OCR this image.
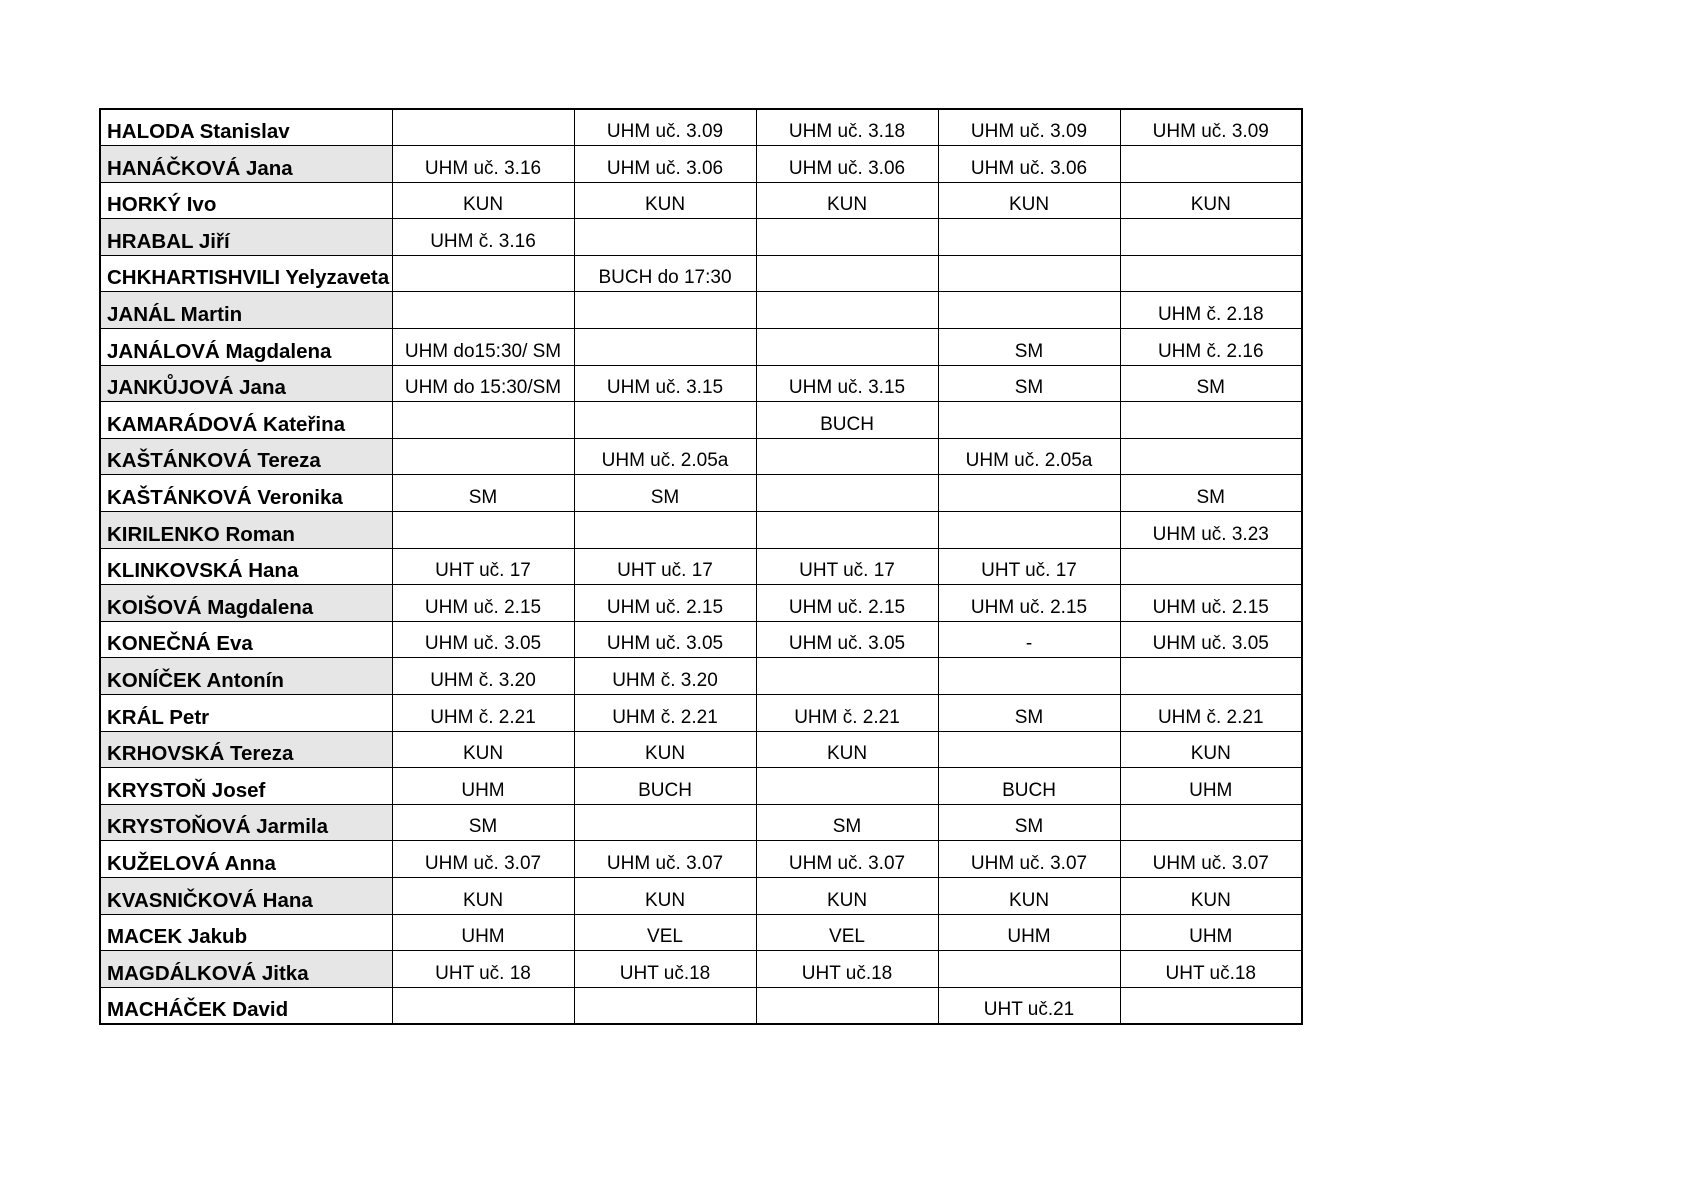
HALODA Stanislav		UHM uč. 3.09	UHM uč. 3.18	UHM uč. 3.09	UHM uč. 3.09
HANÁČKOVÁ Jana	UHM uč. 3.16	UHM uč. 3.06	UHM uč. 3.06	UHM uč. 3.06	
HORKÝ Ivo	KUN	KUN	KUN	KUN	KUN
HRABAL Jiří	UHM č. 3.16				
CHKHARTISHVILI Yelyzaveta		BUCH do 17:30			
JANÁL Martin					UHM č. 2.18
JANÁLOVÁ Magdalena	UHM do15:30/ SM			SM	UHM č. 2.16
JANKŮJOVÁ Jana	UHM do 15:30/SM	UHM uč. 3.15	UHM uč. 3.15	SM	SM
KAMARÁDOVÁ Kateřina			BUCH		
KAŠTÁNKOVÁ Tereza		UHM uč. 2.05a		UHM uč. 2.05a	
KAŠTÁNKOVÁ Veronika	SM	SM			SM
KIRILENKO Roman					UHM uč. 3.23
KLINKOVSKÁ Hana	UHT uč. 17	UHT uč. 17	UHT uč. 17	UHT uč. 17	
KOIŠOVÁ Magdalena	UHM uč. 2.15	UHM uč. 2.15	UHM uč. 2.15	UHM uč. 2.15	UHM uč. 2.15
KONEČNÁ Eva	UHM uč. 3.05	UHM uč. 3.05	UHM uč. 3.05	-	UHM uč. 3.05
KONÍČEK Antonín	UHM č. 3.20	UHM č. 3.20			
KRÁL Petr	UHM č. 2.21	UHM č. 2.21	UHM č. 2.21	SM	UHM č. 2.21
KRHOVSKÁ Tereza	KUN	KUN	KUN		KUN
KRYSTOŇ Josef	UHM	BUCH		BUCH	UHM
KRYSTOŇOVÁ Jarmila	SM		SM	SM	
KUŽELOVÁ Anna	UHM uč. 3.07	UHM uč. 3.07	UHM uč. 3.07	UHM uč. 3.07	UHM uč. 3.07
KVASNIČKOVÁ Hana	KUN	KUN	KUN	KUN	KUN
MACEK Jakub	UHM	VEL	VEL	UHM	UHM
MAGDÁLKOVÁ Jitka	UHT uč. 18	UHT uč.18	UHT uč.18		UHT uč.18
MACHÁČEK David				UHT uč.21	
